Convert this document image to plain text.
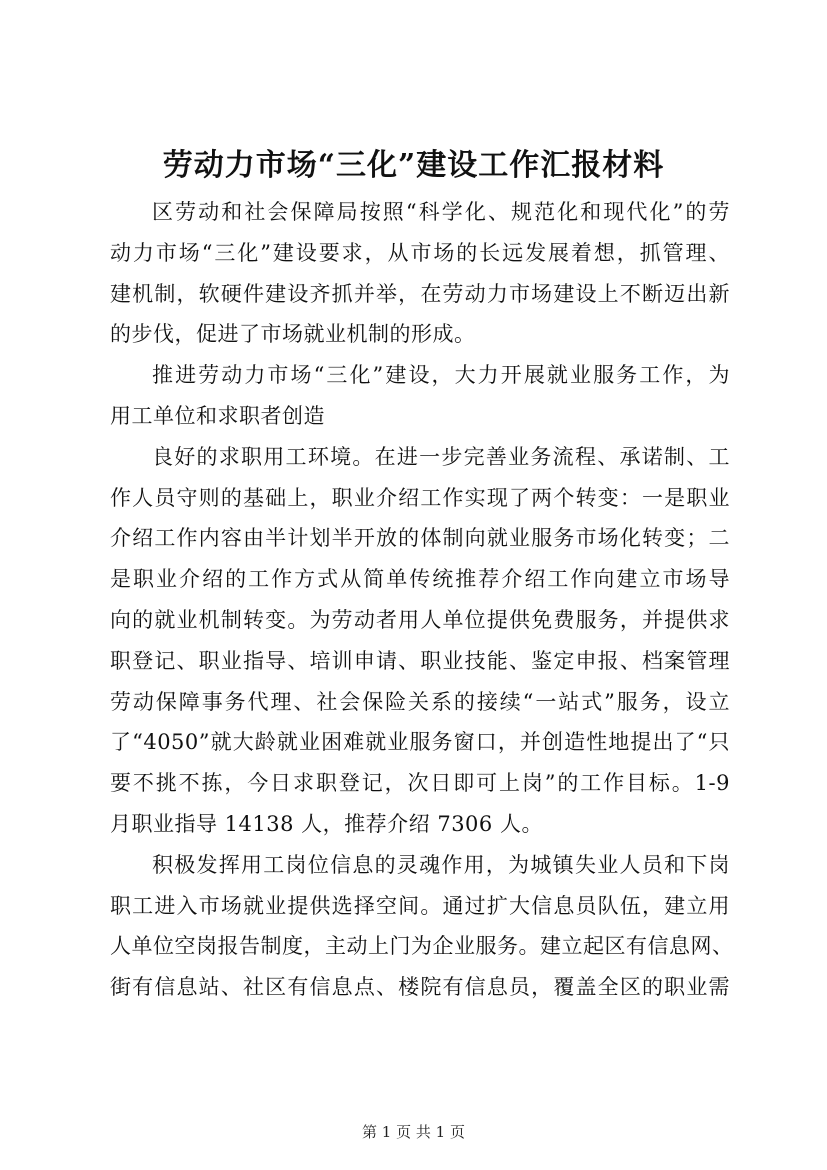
劳动力市场“三化”建设工作汇报材料
区劳动和社会保障局按照“科学化、规范化和现代化”的劳
动力市场“三化”建设要求，从市场的长远发展着想，抓管理、
建机制，软硬件建设齐抓并举，在劳动力市场建设上不断迈出新
的步伐，促进了市场就业机制的形成。
推进劳动力市场“三化”建设，大力开展就业服务工作，为
用工单位和求职者创造
良好的求职用工环境。在进一步完善业务流程、承诺制、工
作人员守则的基础上，职业介绍工作实现了两个转变：一是职业
介绍工作内容由半计划半开放的体制向就业服务市场化转变；二
是职业介绍的工作方式从简单传统推荐介绍工作向建立市场导
向的就业机制转变。为劳动者用人单位提供免费服务，并提供求
职登记、职业指导、培训申请、职业技能、鉴定申报、档案管理
劳动保障事务代理、社会保险关系的接续“一站式”服务，设立
了“4050”就大龄就业困难就业服务窗口，并创造性地提出了“只
要不挑不拣，今日求职登记，次日即可上岗”的工作目标。1-9
月职业指导 14138 人，推荐介绍 7306 人。
积极发挥用工岗位信息的灵魂作用，为城镇失业人员和下岗
职工进入市场就业提供选择空间。通过扩大信息员队伍，建立用
人单位空岗报告制度，主动上门为企业服务。建立起区有信息网、
街有信息站、社区有信息点、楼院有信息员，覆盖全区的职业需
第 1 页 共 1 页
